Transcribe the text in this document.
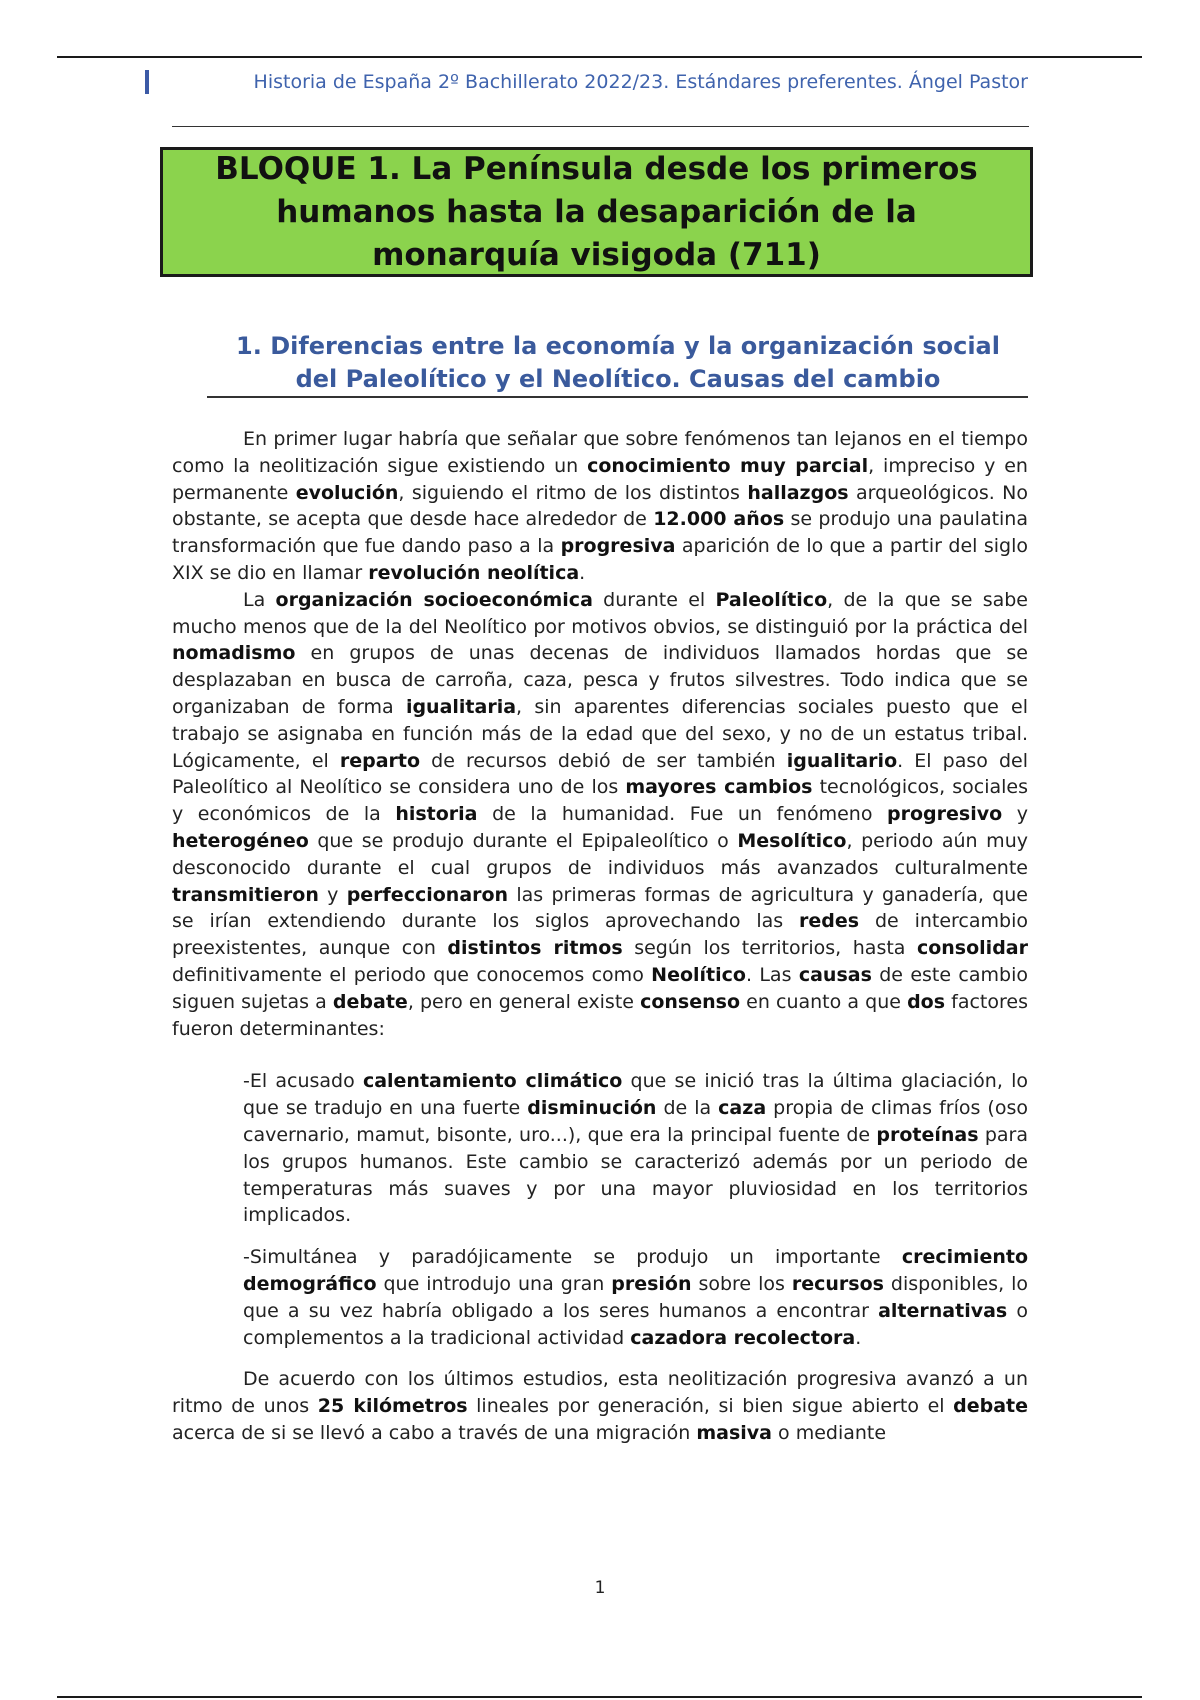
Historia de España 2º Bachillerato 2022/23. Estándares preferentes. Ángel Pastor
BLOQUE 1. La Península desde los primeros
humanos hasta la desaparición de la
monarquía visigoda (711)
1. Diferencias entre la economía y la organización social
del Paleolítico y el Neolítico. Causas del cambio

En primer lugar habría que señalar que sobre fenómenos tan lejanos en el tiempo como la neolitización sigue existiendo un conocimiento muy parcial, impreciso y en permanente evolución, siguiendo el ritmo de los distintos hallazgos arqueológicos. No obstante, se acepta que desde hace alrededor de 12.000 años se produjo una paulatina transformación que fue dando paso a la progresiva aparición de lo que a partir del siglo XIX se dio en llamar revolución neolítica.

La organización socioeconómica durante el Paleolítico, de la que se sabe mucho menos que de la del Neolítico por motivos obvios, se distinguió por la práctica del nomadismo en grupos de unas decenas de individuos llamados hordas que se desplazaban en busca de carroña, caza, pesca y frutos silvestres. Todo indica que se organizaban de forma igualitaria, sin aparentes diferencias sociales puesto que el trabajo se asignaba en función más de la edad que del sexo, y no de un estatus tribal. Lógicamente, el reparto de recursos debió de ser también igualitario. El paso del Paleolítico al Neolítico se considera uno de los mayores cambios tecnológicos, sociales y económicos de la historia de la humanidad. Fue un fenómeno progresivo y heterogéneo que se produjo durante el Epipaleolítico o Mesolítico, periodo aún muy desconocido durante el cual grupos de individuos más avanzados culturalmente transmitieron y perfeccionaron las primeras formas de agricultura y ganadería, que se irían extendiendo durante los siglos aprovechando las redes de intercambio preexistentes, aunque con distintos ritmos según los territorios, hasta consolidar definitivamente el periodo que conocemos como Neolítico. Las causas de este cambio siguen sujetas a debate, pero en general existe consenso en cuanto a que dos factores fueron determinantes:

-El acusado calentamiento climático que se inició tras la última glaciación, lo que se tradujo en una fuerte disminución de la caza propia de climas fríos (oso cavernario, mamut, bisonte, uro...), que era la principal fuente de proteínas para los grupos humanos. Este cambio se caracterizó además por un periodo de temperaturas más suaves y por una mayor pluviosidad en los territorios implicados.

-Simultánea y paradójicamente se produjo un importante crecimiento demográfico que introdujo una gran presión sobre los recursos disponibles, lo que a su vez habría obligado a los seres humanos a encontrar alternativas o complementos a la tradicional actividad cazadora recolectora.

De acuerdo con los últimos estudios, esta neolitización progresiva avanzó a un ritmo de unos 25 kilómetros lineales por generación, si bien sigue abierto el debate acerca de si se llevó a cabo a través de una migración masiva o mediante

1
